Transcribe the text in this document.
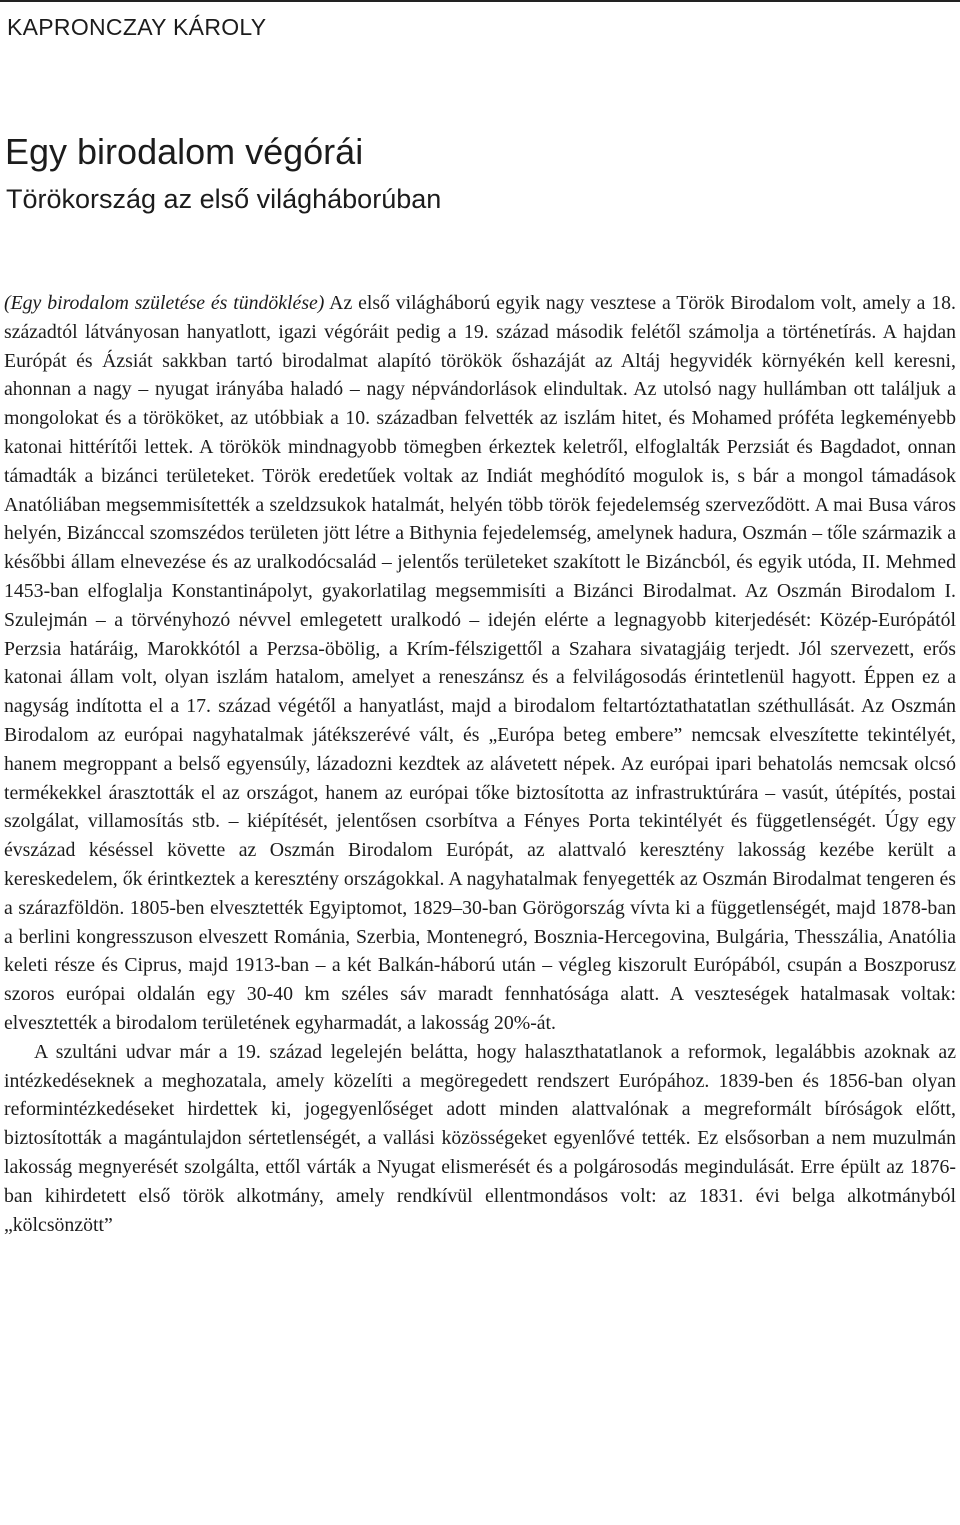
KAPRONCZAY KÁROLY
Egy birodalom végórái
Törökország az első világháborúban

(Egy birodalom születése és tündöklése) Az első világháború egyik nagy vesztese a Török Birodalom volt, amely a 18. századtól látványosan hanyatlott, igazi végóráit pedig a 19. század második felétől számolja a történetírás. A hajdan Európát és Ázsiát sakkban tartó birodalmat alapító törökök őshazáját az Altáj hegyvidék környékén kell keresni, ahonnan a nagy – nyugat irányába haladó – nagy népvándorlások elindultak. Az utolsó nagy hullámban ott találjuk a mongolokat és a törököket, az utóbbiak a 10. században felvették az iszlám hitet, és Mohamed próféta legkeményebb katonai hittérítői lettek. A törökök mindnagyobb tömegben érkeztek keletről, elfoglalták Perzsiát és Bagdadot, onnan támadták a bizánci területeket. Török eredetűek voltak az Indiát meghódító mogulok is, s bár a mongol támadások Anatóliában megsemmisítették a szeldzsukok hatalmát, helyén több török fejedelemség szerveződött. A mai Busa város helyén, Bizánccal szomszédos területen jött létre a Bithynia fejedelemség, amelynek hadura, Oszmán – tőle származik a későbbi állam elnevezése és az uralkodócsalád – jelentős területeket szakított le Bizáncból, és egyik utóda, II. Mehmed 1453-ban elfoglalja Konstantinápolyt, gyakorlatilag megsemmisíti a Bizánci Birodalmat. Az Oszmán Birodalom I. Szulejmán – a törvényhozó névvel emlegetett uralkodó – idején elérte a legnagyobb kiterjedését: Közép-Európától Perzsia határáig, Marokkótól a Perzsa-öbölig, a Krím-félszigettől a Szahara sivatagjáig terjedt. Jól szervezett, erős katonai állam volt, olyan iszlám hatalom, amelyet a reneszánsz és a felvilágosodás érintetlenül hagyott. Éppen ez a nagyság indította el a 17. század végétől a hanyatlást, majd a birodalom feltartóztathatatlan széthullását. Az Oszmán Birodalom az európai nagyhatalmak játékszerévé vált, és „Európa beteg embere” nemcsak elveszítette tekintélyét, hanem megroppant a belső egyensúly, lázadozni kezdtek az alávetett népek. Az európai ipari behatolás nemcsak olcsó termékekkel árasztották el az országot, hanem az európai tőke biztosította az infrastruktúrára – vasút, útépítés, postai szolgálat, villamosítás stb. – kiépítését, jelentősen csorbítva a Fényes Porta tekintélyét és függetlenségét. Úgy egy évszázad késéssel követte az Oszmán Birodalom Európát, az alattvaló keresztény lakosság kezébe került a kereskedelem, ők érintkeztek a keresztény országokkal. A nagyhatalmak fenyegették az Oszmán Birodalmat tengeren és a szárazföldön. 1805-ben elvesztették Egyiptomot, 1829–30-ban Görögország vívta ki a függetlenségét, majd 1878-ban a berlini kongresszuson elveszett Románia, Szerbia, Montenegró, Bosznia-Hercegovina, Bulgária, Thesszália, Anatólia keleti része és Ciprus, majd 1913-ban – a két Balkán-háború után – végleg kiszorult Európából, csupán a Boszporusz szoros európai oldalán egy 30-40 km széles sáv maradt fennhatósága alatt. A veszteségek hatalmasak voltak: elvesztették a birodalom területének egyharmadát, a lakosság 20%-át.

A szultáni udvar már a 19. század legelején belátta, hogy halaszthatatlanok a reformok, legalábbis azoknak az intézkedéseknek a meghozatala, amely közelíti a megöregedett rendszert Európához. 1839-ben és 1856-ban olyan reformintézkedéseket hirdettek ki, jogegyenlőséget adott minden alattvalónak a megreformált bíróságok előtt, biztosították a magántulajdon sértetlenségét, a vallási közösségeket egyenlővé tették. Ez elsősorban a nem muzulmán lakosság megnyerését szolgálta, ettől várták a Nyugat elismerését és a polgárosodás megindulását. Erre épült az 1876-ban kihirdetett első török alkotmány, amely rendkívül ellentmondásos volt: az 1831. évi belga alkotmányból „kölcsönzött”
